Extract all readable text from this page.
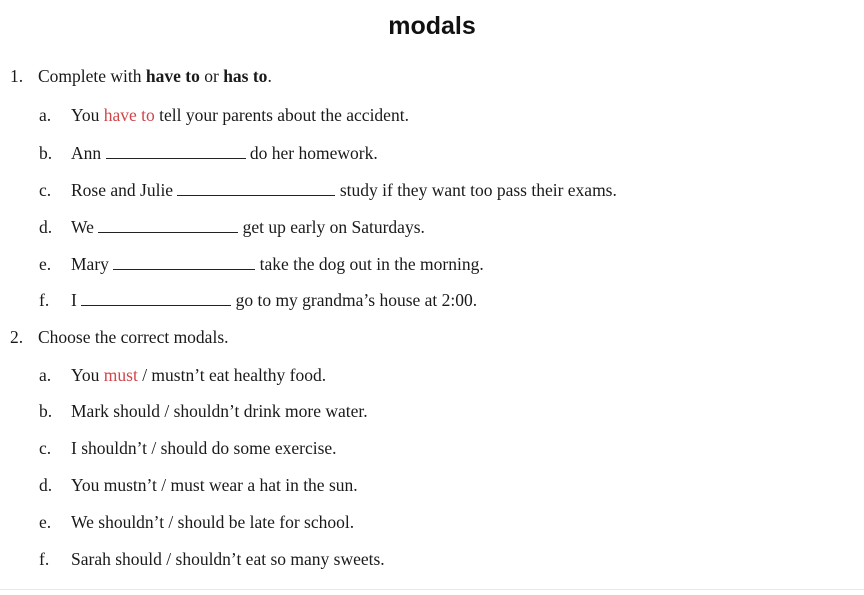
modals
1. Complete with have to or has to.
a. You have to tell your parents about the accident.
b. Ann	do her homework.
c. Rose and Julie	study if they want too pass their exams.
d. We	get up early on Saturdays.
e. Mary	take the dog out in the morning.
f. I	go to my grandma’s house at 2:00.
2. Choose the correct modals.
a. You must / mustn’t eat healthy food.
b. Mark should / shouldn’t drink more water.
c. I shouldn’t / should do some exercise.
d. You mustn’t / must wear a hat in the sun.
e. We shouldn’t / should be late for school.
f. Sarah should / shouldn’t eat so many sweets.
